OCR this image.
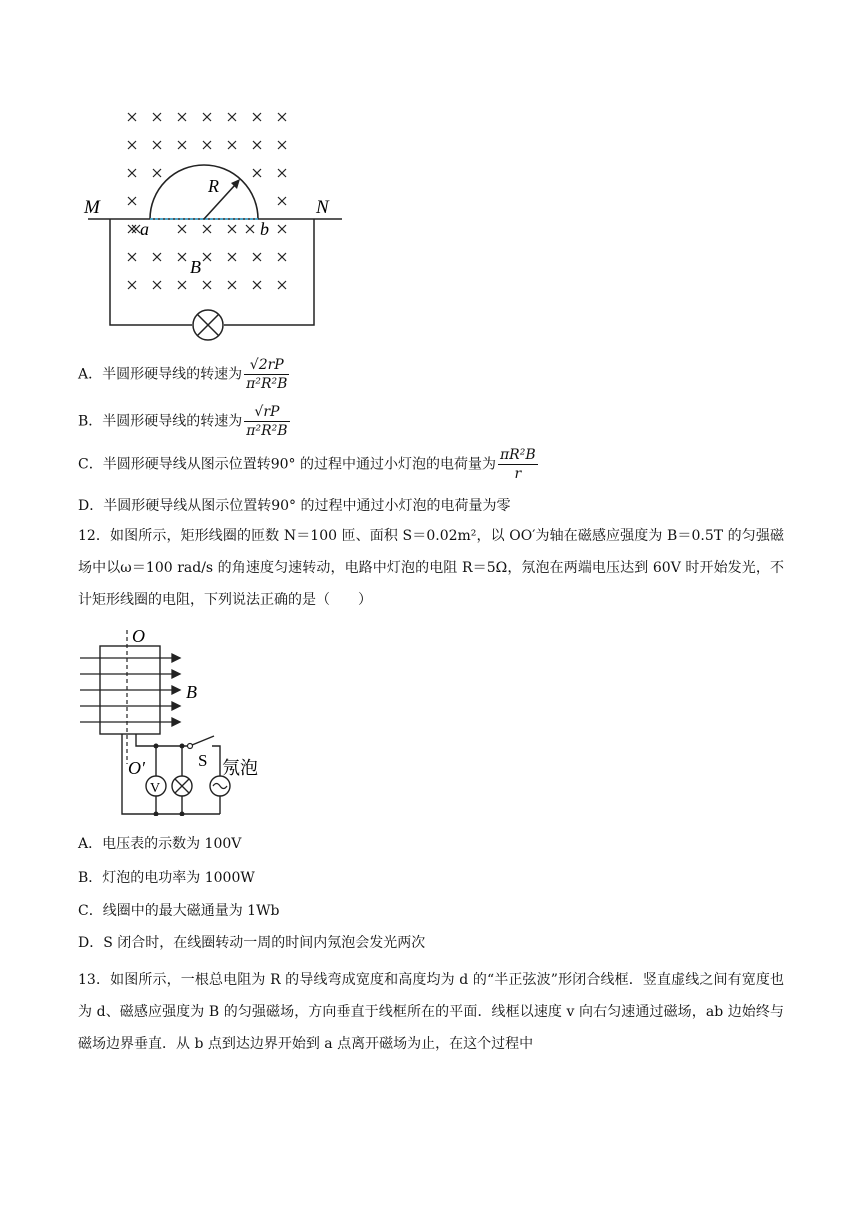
M	N
a	b
R
B
A．半圆形硬导线的转速为 $\frac{√2rP}{\text{π²R²B}}$
B．半圆形硬导线的转速为 $\frac{√rP}{\text{π²R²B}}$
C．半圆形硬导线从图示位置转90° 的过程中通过小灯泡的电荷量为 $\frac{\text{πR²B}}{r}$
D．半圆形硬导线从图示位置转90° 的过程中通过小灯泡的电荷量为零
12．如图所示，矩形线圈的匝数 N＝100 匝、面积 S＝0.02m²，以 OO′为轴在磁感应强度为 B＝0.5T 的匀强磁场中以ω＝100 rad/s 的角速度匀速转动，电路中灯泡的电阻 R＝5Ω，氖泡在两端电压达到 60V 时开始发光，不计矩形线圈的电阻，下列说法正确的是（　　）
V
O
O′
B
S 氖泡
A．电压表的示数为 100V
B．灯泡的电功率为 1000W
C．线圈中的最大磁通量为 1Wb
D．S 闭合时，在线圈转动一周的时间内氖泡会发光两次
13．如图所示，一根总电阻为 R 的导线弯成宽度和高度均为 d 的“半正弦波”形闭合线框．竖直虚线之间有宽度也为 d、磁感应强度为 B 的匀强磁场，方向垂直于线框所在的平面．线框以速度 v 向右匀速通过磁场，ab 边始终与磁场边界垂直．从 b 点到达边界开始到 a 点离开磁场为止，在这个过程中
